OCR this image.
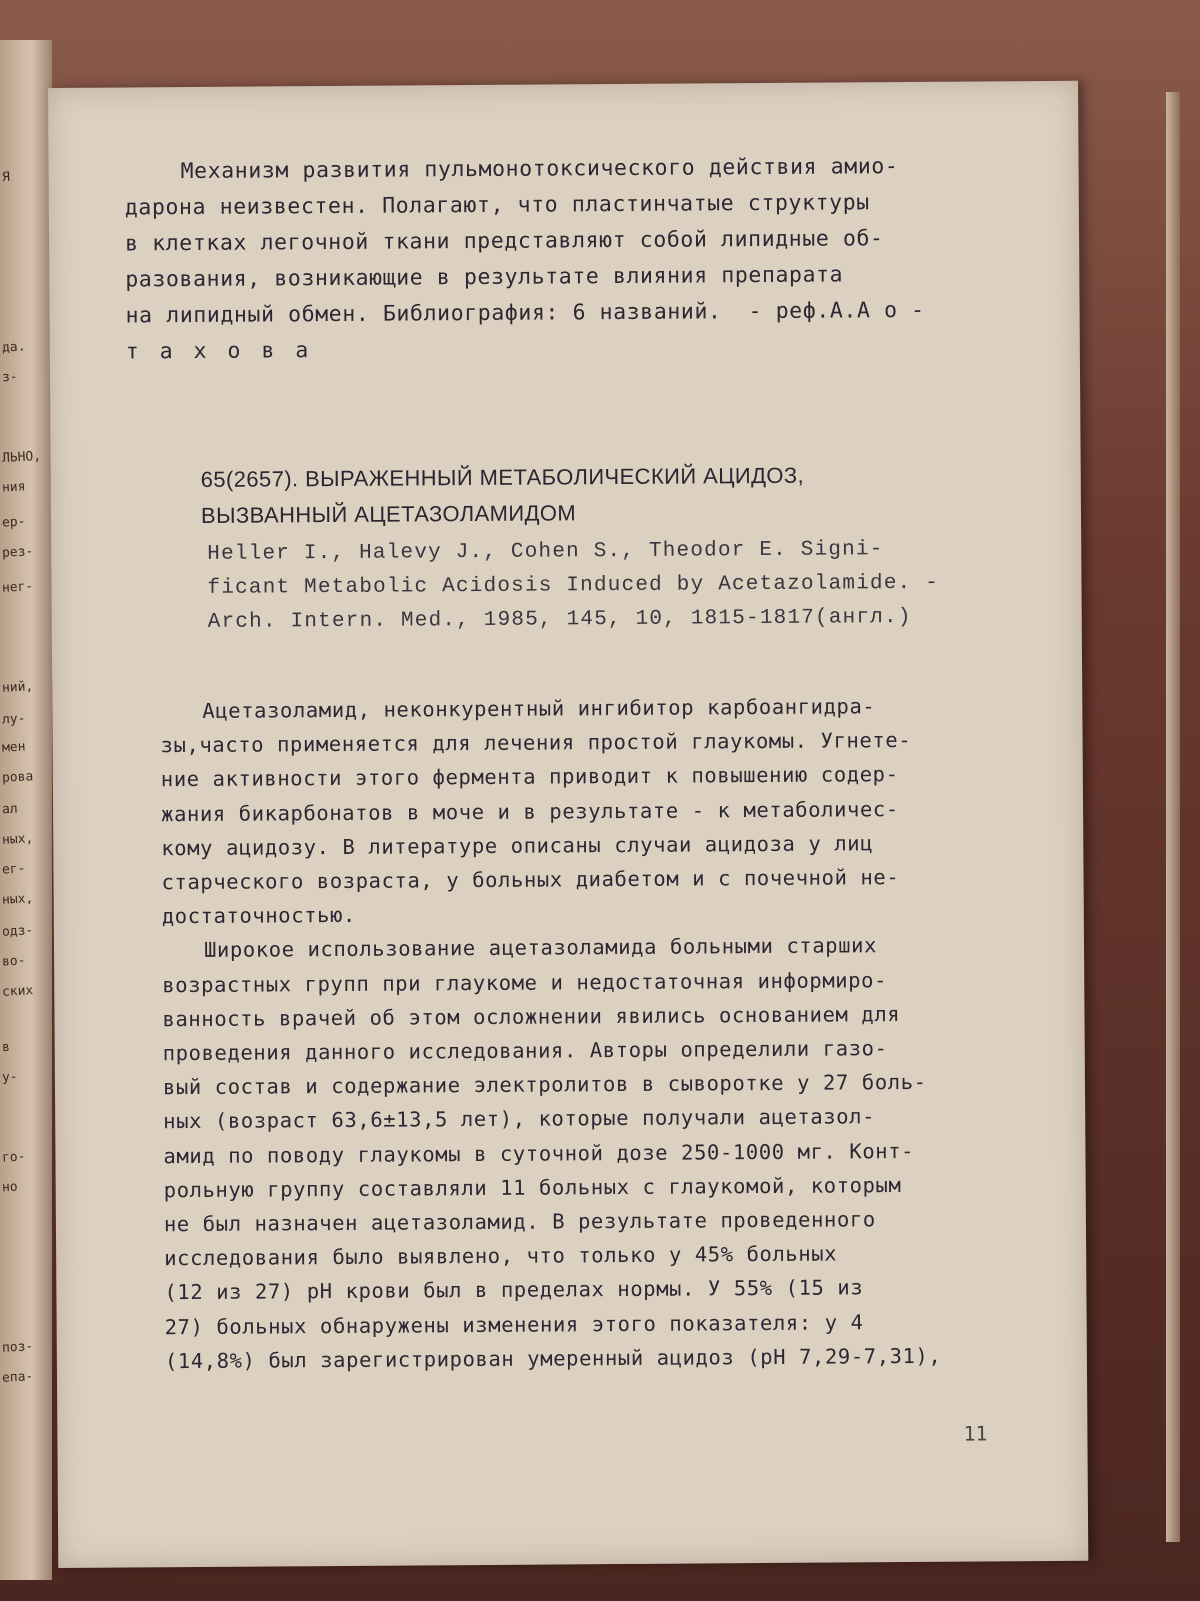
Я
да.
з-
ЛЬНО,
ния
ер-
рез-
нег-
ний,
лу-
мен
рова
ал
ных,
ег-
ных,
одз-
во-
ских
в
у-
го-
но
поз-
епа-
Механизм развития пульмонотоксического действия амио-
дарона неизвестен. Полагают, что пластинчатые структуры
в клетках легочной ткани представляют собой липидные об-
разования, возникающие в результате влияния препарата
на липидный обмен. Библиография: 6 названий.  - реф.А.А о -
т а х о в а
65(2657). ВЫРАЖЕННЫЙ МЕТАБОЛИЧЕСКИЙ АЦИДОЗ,
ВЫЗВАННЫЙ АЦЕТАЗОЛАМИДОМ
Heller I., Halevy J., Cohen S., Theodor E. Signi-
ficant Metabolic Acidosis Induced by Acetazolamide. -
Arch. Intern. Med., 1985, 145, 10, 1815-1817(англ.)
Ацетазоламид, неконкурентный ингибитор карбоангидра-
зы,часто применяется для лечения простой глаукомы. Угнете-
ние активности этого фермента приводит к повышению содер-
жания бикарбонатов в моче и в результате - к метаболичес-
кому ацидозу. В литературе описаны случаи ацидоза у лиц
старческого возраста, у больных диабетом и с почечной не-
достаточностью.
Широкое использование ацетазоламида больными старших
возрастных групп при глаукоме и недостаточная информиро-
ванность врачей об этом осложнении явились основанием для
проведения данного исследования. Авторы определили газо-
вый состав и содержание электролитов в сыворотке у 27 боль-
ных (возраст 63,6±13,5 лет), которые получали ацетазол-
амид по поводу глаукомы в суточной дозе 250-1000 мг. Конт-
рольную группу составляли 11 больных с глаукомой, которым
не был назначен ацетазоламид. В результате проведенного
исследования было выявлено, что только у 45% больных
(12 из 27) pH крови был в пределах нормы. У 55% (15 из
27) больных обнаружены изменения этого показателя: у 4
(14,8%) был зарегистрирован умеренный ацидоз (pH 7,29-7,31),
11
